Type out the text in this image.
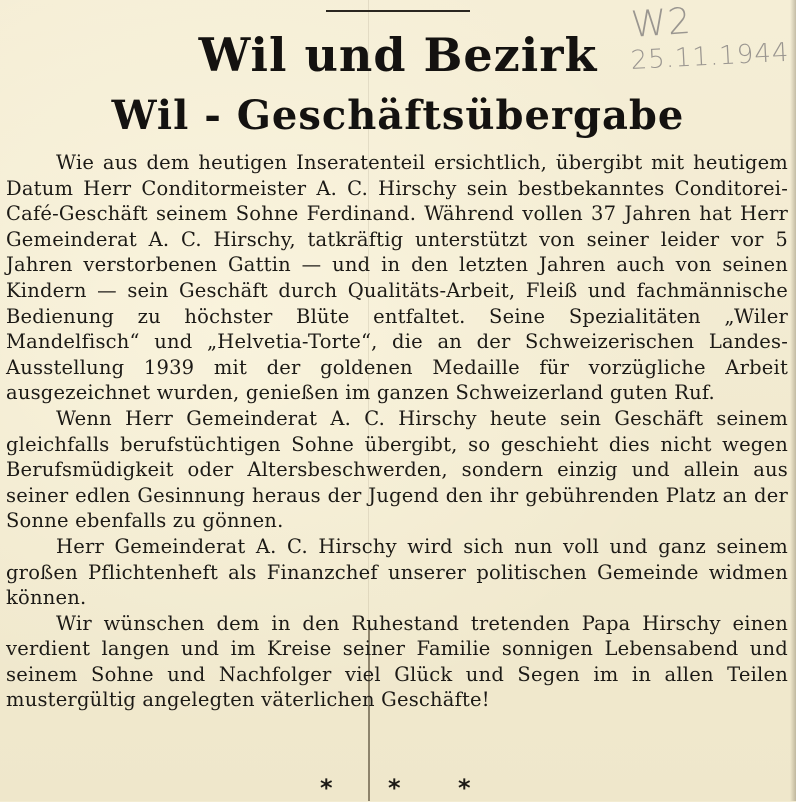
W2
25.11.1944
Wil und Bezirk
Wil - Geschäftsübergabe

Wie aus dem heutigen Inseratenteil ersichtlich, übergibt mit heutigem Datum Herr Conditormeister A. C. Hirschy sein bestbekanntes Conditorei-Café-Geschäft seinem Sohne Ferdinand. Während vollen 37 Jahren hat Herr Gemeinderat A. C. Hirschy, tatkräftig unterstützt von seiner leider vor 5 Jahren verstorbenen Gattin — und in den letzten Jahren auch von seinen Kindern — sein Geschäft durch Qualitäts-Arbeit, Fleiß und fachmännische Bedienung zu höchster Blüte entfaltet. Seine Spezialitäten „Wiler Mandelfisch“ und „Helvetia-Torte“, die an der Schweizerischen Landes-Ausstellung 1939 mit der goldenen Medaille für vorzügliche Arbeit ausgezeichnet wurden, genießen im ganzen Schweizerland guten Ruf.

Wenn Herr Gemeinderat A. C. Hirschy heute sein Geschäft seinem gleichfalls berufstüchtigen Sohne übergibt, so geschieht dies nicht wegen Berufsmüdigkeit oder Altersbeschwerden, sondern einzig und allein aus seiner edlen Gesinnung heraus der Jugend den ihr gebührenden Platz an der Sonne ebenfalls zu gönnen.

Herr Gemeinderat A. C. Hirschy wird sich nun voll und ganz seinem großen Pflichtenheft als Finanzchef unserer politischen Gemeinde widmen können.

Wir wünschen dem in den Ruhestand tretenden Papa Hirschy einen verdient langen und im Kreise seiner Familie sonnigen Lebensabend und seinem Sohne und Nachfolger viel Glück und Segen im in allen Teilen mustergültig angelegten väterlichen Geschäfte!

* * *
